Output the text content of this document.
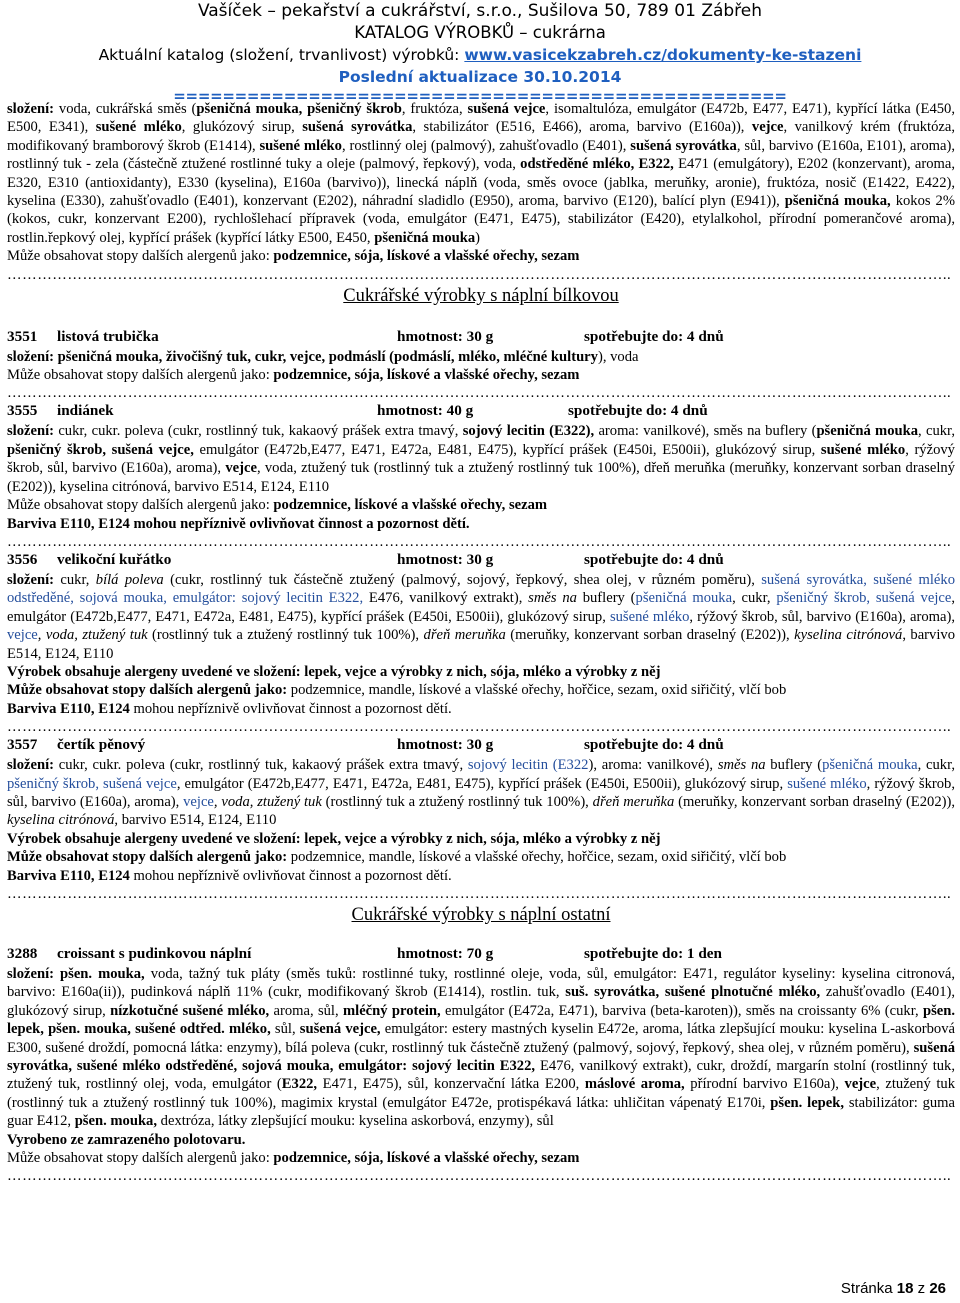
Vašíček – pekařství a cukrářství, s.r.o., Sušilova 50, 789 01 Zábřeh
KATALOG VÝROBKŮ – cukrárna
Aktuální katalog (složení, trvanlivost) výrobků: www.vasicekzabreh.cz/dokumenty-ke-stazeni
Poslední aktualizace 30.10.2014
==================================================

složení: voda, cukrářská směs (pšeničná mouka, pšeničný škrob, fruktóza, sušená vejce, isomaltulóza, emulgátor (E472b, E477, E471), kypřící látka (E450, E500, E341), sušené mléko, glukózový sirup, sušená syrovátka, stabilizátor (E516, E466), aroma, barvivo (E160a)), vejce, vanilkový krém (fruktóza, modifikovaný bramborový škrob (E1414), sušené mléko, rostlinný olej (palmový), zahušťovadlo (E401), sušená syrovátka, sůl, barvivo (E160a, E101), aroma), rostlinný tuk - zela (částečně ztužené rostlinné tuky a oleje (palmový, řepkový), voda, odstředěné mléko, E322, E471 (emulgátory), E202 (konzervant), aroma, E320, E310 (antioxidanty), E330 (kyselina), E160a (barvivo)), linecká náplň (voda, směs ovoce (jablka, meruňky, aronie), fruktóza, nosič (E1422, E422), kyselina (E330), zahušťovadlo (E401), konzervant (E202), náhradní sladidlo (E950), aroma, barvivo (E120), balící plyn (E941)), pšeničná mouka, kokos 2% (kokos, cukr, konzervant E200), rychlošlehací přípravek (voda, emulgátor (E471, E475), stabilizátor (E420), etylalkohol, přírodní pomerančové aroma), rostlin.řepkový olej, kypřící prášek (kypřící látky E500, E450, pšeničná mouka)

Může obsahovat stopy dalších alergenů jako: podzemnice, sója, lískové a vlašské ořechy, sezam

……………………………………………………………………………………………………………………………………………………………………..

Cukrářské výrobky s náplní bílkovou

3551 listová trubička	hmotnost: 30 g	spotřebujte do: 4 dnů

složení: pšeničná mouka, živočišný tuk, cukr, vejce, podmáslí (podmáslí, mléko, mléčné kultury), voda

Může obsahovat stopy dalších alergenů jako: podzemnice, sója, lískové a vlašské ořechy, sezam

……………………………………………………………………………………………………………………………………………………………………..
3555 indiánek	hmotnost: 40 g	spotřebujte do: 4 dnů

složení: cukr, cukr. poleva (cukr, rostlinný tuk, kakaový prášek extra tmavý, sojový lecitin (E322), aroma: vanilkové), směs na buflery (pšeničná mouka, cukr, pšeničný škrob, sušená vejce, emulgátor (E472b,E477, E471, E472a, E481, E475), kypřící prášek (E450i, E500ii), glukózový sirup, sušené mléko, rýžový škrob, sůl, barvivo (E160a), aroma), vejce, voda, ztužený tuk (rostlinný tuk a ztužený rostlinný tuk 100%), dřeň meruňka (meruňky, konzervant sorban draselný (E202)), kyselina citrónová, barvivo E514, E124, E110

Může obsahovat stopy dalších alergenů jako: podzemnice, lískové a vlašské ořechy, sezam

Barviva E110, E124 mohou nepříznivě ovlivňovat činnost a pozornost dětí.

……………………………………………………………………………………………………………………………………………………………………..
3556 velikoční kuřátko	hmotnost: 30 g	spotřebujte do: 4 dnů

složení: cukr, bílá poleva (cukr, rostlinný tuk částečně ztužený (palmový, sojový, řepkový, shea olej, v různém poměru), sušená syrovátka, sušené mléko odstředěné, sojová mouka, emulgátor: sojový lecitin E322, E476, vanilkový extrakt), směs na buflery (pšeničná mouka, cukr, pšeničný škrob, sušená vejce, emulgátor (E472b,E477, E471, E472a, E481, E475), kypřící prášek (E450i, E500ii), glukózový sirup, sušené mléko, rýžový škrob, sůl, barvivo (E160a), aroma), vejce, voda, ztužený tuk (rostlinný tuk a ztužený rostlinný tuk 100%), dřeň meruňka (meruňky, konzervant sorban draselný (E202)), kyselina citrónová, barvivo E514, E124, E110

Výrobek obsahuje alergeny uvedené ve složení: lepek, vejce a výrobky z nich, sója, mléko a výrobky z něj

Může obsahovat stopy dalších alergenů jako: podzemnice, mandle, lískové a vlašské ořechy, hořčice, sezam, oxid siřičitý, vlčí bob

Barviva E110, E124 mohou nepříznivě ovlivňovat činnost a pozornost dětí.

……………………………………………………………………………………………………………………………………………………………………..
3557 čertík pěnový	hmotnost: 30 g	spotřebujte do: 4 dnů

složení: cukr, cukr. poleva (cukr, rostlinný tuk, kakaový prášek extra tmavý, sojový lecitin (E322), aroma: vanilkové), směs na buflery (pšeničná mouka, cukr, pšeničný škrob, sušená vejce, emulgátor (E472b,E477, E471, E472a, E481, E475), kypřící prášek (E450i, E500ii), glukózový sirup, sušené mléko, rýžový škrob, sůl, barvivo (E160a), aroma), vejce, voda, ztužený tuk (rostlinný tuk a ztužený rostlinný tuk 100%), dřeň meruňka (meruňky, konzervant sorban draselný (E202)), kyselina citrónová, barvivo E514, E124, E110

Výrobek obsahuje alergeny uvedené ve složení: lepek, vejce a výrobky z nich, sója, mléko a výrobky z něj

Může obsahovat stopy dalších alergenů jako: podzemnice, mandle, lískové a vlašské ořechy, hořčice, sezam, oxid siřičitý, vlčí bob

Barviva E110, E124 mohou nepříznivě ovlivňovat činnost a pozornost dětí.

……………………………………………………………………………………………………………………………………………………………………..

Cukrářské výrobky s náplní ostatní

3288 croissant s pudinkovou náplní	hmotnost: 70 g	spotřebujte do: 1 den

složení: pšen. mouka, voda, tažný tuk pláty (směs tuků: rostlinné tuky, rostlinné oleje, voda, sůl, emulgátor: E471, regulátor kyseliny: kyselina citronová, barvivo: E160a(ii)), pudinková náplň 11% (cukr, modifikovaný škrob (E1414), rostlin. tuk, suš. syrovátka, sušené plnotučné mléko, zahušťovadlo (E401), glukózový sirup, nízkotučné sušené mléko, aroma, sůl, mléčný protein, emulgátor (E472a, E471), barviva (beta-karoten)), směs na croissanty 6% (cukr, pšen. lepek, pšen. mouka, sušené odtřed. mléko, sůl, sušená vejce, emulgátor: estery mastných kyselin E472e, aroma, látka zlepšující mouku: kyselina L-askorbová E300, sušené droždí, pomocná látka: enzymy), bílá poleva (cukr, rostlinný tuk částečně ztužený (palmový, sojový, řepkový, shea olej, v různém poměru), sušená syrovátka, sušené mléko odstředěné, sojová mouka, emulgátor: sojový lecitin E322, E476, vanilkový extrakt), cukr, droždí, margarín stolní (rostlinný tuk, ztužený tuk, rostlinný olej, voda, emulgátor (E322, E471, E475), sůl, konzervační látka E200, máslové aroma, přírodní barvivo E160a), vejce, ztužený tuk (rostlinný tuk a ztužený rostlinný tuk 100%), magimix krystal (emulgátor E472e, protispékavá látka: uhličitan vápenatý E170i, pšen. lepek, stabilizátor: guma guar E412, pšen. mouka, dextróza, látky zlepšující mouku: kyselina askorbová, enzymy), sůl

Vyrobeno ze zamrazeného polotovaru.

Může obsahovat stopy dalších alergenů jako: podzemnice, sója, lískové a vlašské ořechy, sezam

……………………………………………………………………………………………………………………………………………………………………..
Stránka 18 z 26
